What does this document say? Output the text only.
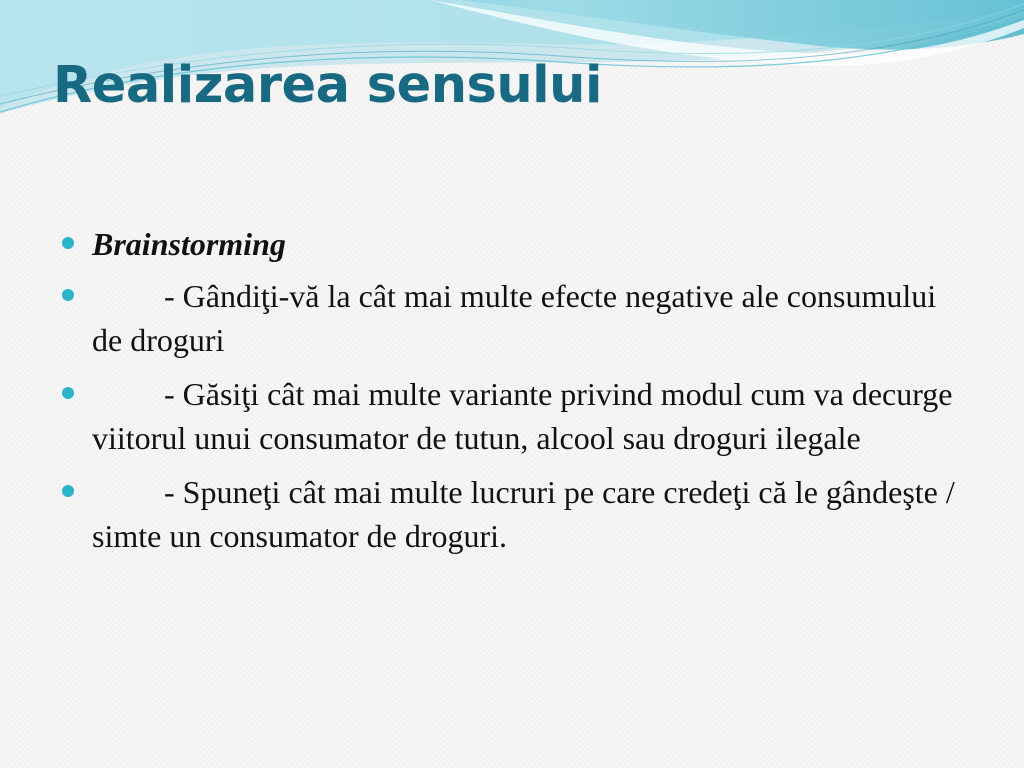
Realizarea sensului
Brainstorming
- Gândiţi-vă la cât mai multe efecte negative ale consumului de droguri
- Găsiţi cât mai multe variante privind modul cum va decurge viitorul unui consumator de tutun, alcool sau droguri ilegale
- Spuneţi cât mai multe lucruri pe care credeţi că le gândeşte / simte un consumator de droguri.
